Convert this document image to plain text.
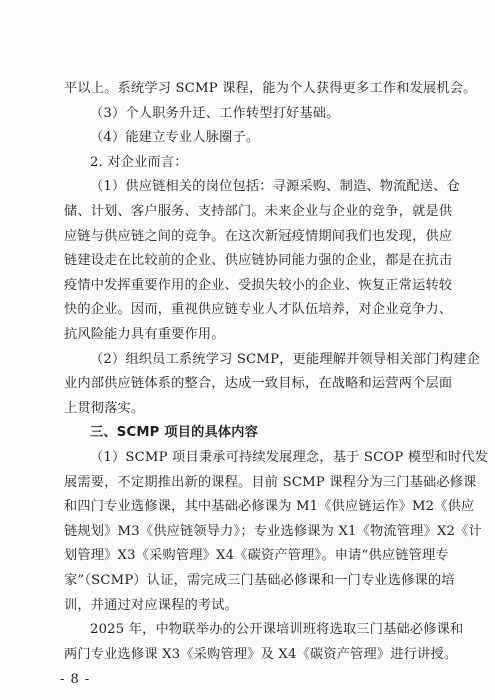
平以上。系统学习 SCMP 课程，能为个人获得更多工作和发展机会。
（3）个人职务升迁、工作转型打好基础。
（4）能建立专业人脉圈子。
2. 对企业而言：
（1）供应链相关的岗位包括：寻源采购、制造、物流配送、仓
储、计划、客户服务、支持部门。未来企业与企业的竞争，就是供
应链与供应链之间的竞争。在这次新冠疫情期间我们也发现，供应
链建设走在比较前的企业、供应链协同能力强的企业，都是在抗击
疫情中发挥重要作用的企业、受损失较小的企业、恢复正常运转较
快的企业。因而，重视供应链专业人才队伍培养，对企业竞争力、
抗风险能力具有重要作用。
（2）组织员工系统学习 SCMP，更能理解并领导相关部门构建企
业内部供应链体系的整合，达成一致目标，在战略和运营两个层面
上贯彻落实。
三、SCMP 项目的具体内容
（1）SCMP 项目秉承可持续发展理念，基于 SCOP 模型和时代发
展需要，不定期推出新的课程。目前 SCMP 课程分为三门基础必修课
和四门专业选修课，其中基础必修课为 M1《供应链运作》M2《供应
链规划》M3《供应链领导力》；专业选修课为 X1《物流管理》X2《计
划管理》X3《采购管理》X4《碳资产管理》。申请“供应链管理专
家”（SCMP）认证，需完成三门基础必修课和一门专业选修课的培
训，并通过对应课程的考试。
2025 年，中物联举办的公开课培训班将选取三门基础必修课和
两门专业选修课 X3《采购管理》及 X4《碳资产管理》进行讲授。
- 8 -
